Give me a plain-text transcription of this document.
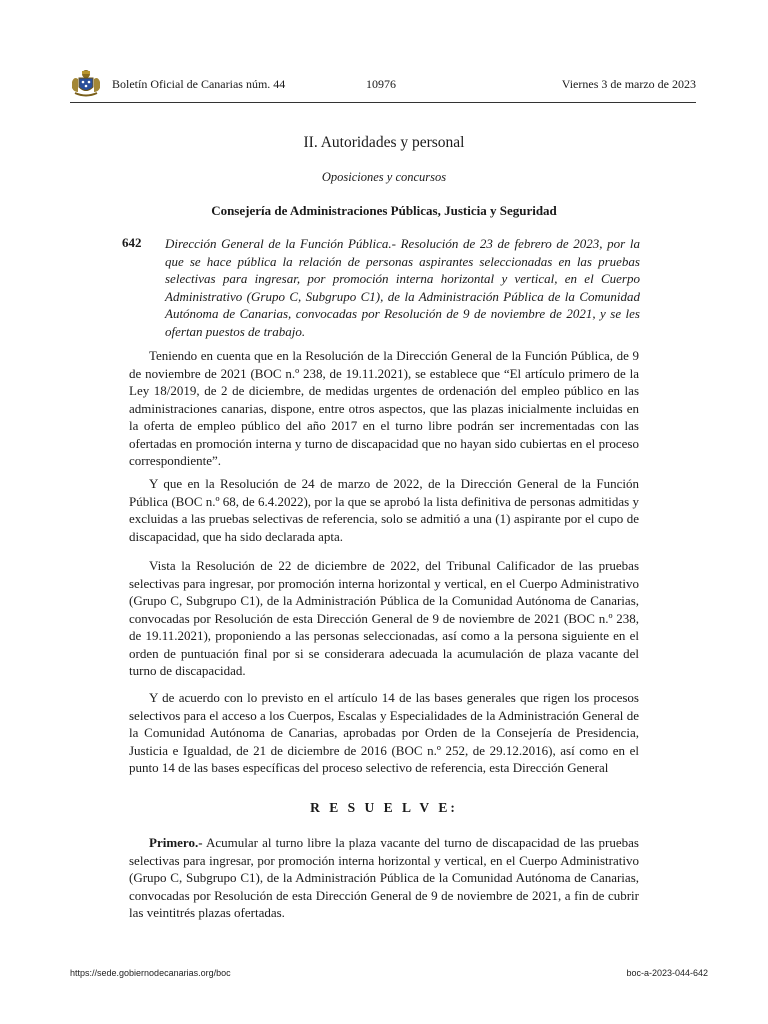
Boletín Oficial de Canarias núm. 44	10976	Viernes 3 de marzo de 2023
II. Autoridades y personal
Oposiciones y concursos
Consejería de Administraciones Públicas, Justicia y Seguridad
642 Dirección General de la Función Pública.- Resolución de 23 de febrero de 2023, por la que se hace pública la relación de personas aspirantes seleccionadas en las pruebas selectivas para ingresar, por promoción interna horizontal y vertical, en el Cuerpo Administrativo (Grupo C, Subgrupo C1), de la Administración Pública de la Comunidad Autónoma de Canarias, convocadas por Resolución de 9 de noviembre de 2021, y se les ofertan puestos de trabajo.

Teniendo en cuenta que en la Resolución de la Dirección General de la Función Pública, de 9 de noviembre de 2021 (BOC n.º 238, de 19.11.2021), se establece que “El artículo primero de la Ley 18/2019, de 2 de diciembre, de medidas urgentes de ordenación del empleo público en las administraciones canarias, dispone, entre otros aspectos, que las plazas inicialmente incluidas en la oferta de empleo público del año 2017 en el turno libre podrán ser incrementadas con las ofertadas en promoción interna y turno de discapacidad que no hayan sido cubiertas en el proceso correspondiente”.

Y que en la Resolución de 24 de marzo de 2022, de la Dirección General de la Función Pública (BOC n.º 68, de 6.4.2022), por la que se aprobó la lista definitiva de personas admitidas y excluidas a las pruebas selectivas de referencia, solo se admitió a una (1) aspirante por el cupo de discapacidad, que ha sido declarada apta.

Vista la Resolución de 22 de diciembre de 2022, del Tribunal Calificador de las pruebas selectivas para ingresar, por promoción interna horizontal y vertical, en el Cuerpo Administrativo (Grupo C, Subgrupo C1), de la Administración Pública de la Comunidad Autónoma de Canarias, convocadas por Resolución de esta Dirección General de 9 de noviembre de 2021 (BOC n.º 238, de 19.11.2021), proponiendo a las personas seleccionadas, así como a la persona siguiente en el orden de puntuación final por si se considerara adecuada la acumulación de plaza vacante del turno de discapacidad.

Y de acuerdo con lo previsto en el artículo 14 de las bases generales que rigen los procesos selectivos para el acceso a los Cuerpos, Escalas y Especialidades de la Administración General de la Comunidad Autónoma de Canarias, aprobadas por Orden de la Consejería de Presidencia, Justicia e Igualdad, de 21 de diciembre de 2016 (BOC n.º 252, de 29.12.2016), así como en el punto 14 de las bases específicas del proceso selectivo de referencia, esta Dirección General

R E S U E L V E:

Primero.- Acumular al turno libre la plaza vacante del turno de discapacidad de las pruebas selectivas para ingresar, por promoción interna horizontal y vertical, en el Cuerpo Administrativo (Grupo C, Subgrupo C1), de la Administración Pública de la Comunidad Autónoma de Canarias, convocadas por Resolución de esta Dirección General de 9 de noviembre de 2021, a fin de cubrir las veintitrés plazas ofertadas.

https://sede.gobiernodecanarias.org/boc	boc-a-2023-044-642
